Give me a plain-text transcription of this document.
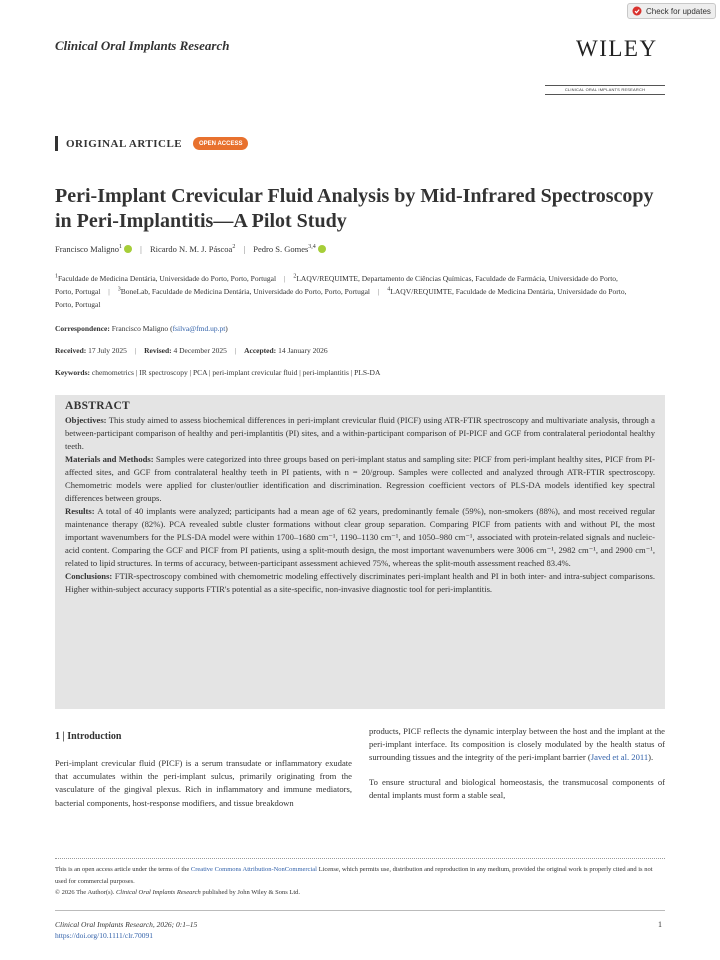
Check for updates
Clinical Oral Implants Research	WILEY
CLINICAL ORAL IMPLANTS RESEARCH
ORIGINAL ARTICLE	OPEN ACCESS
Peri-Implant Crevicular Fluid Analysis by Mid-Infrared Spectroscopy in Peri-Implantitis—A Pilot Study
Francisco Maligno$^1$ | Ricardo N. M. J. Páscoa$^2$ | Pedro S. Gomes$^{3,4}$
$^1$Faculdade de Medicina Dentária, Universidade do Porto, Porto, Portugal | $^2$LAQV/REQUIMTE, Departamento de Ciências Químicas, Faculdade de Farmácia, Universidade do Porto, Porto, Portugal | $^3$BoneLab, Faculdade de Medicina Dentária, Universidade do Porto, Porto, Portugal | $^4$LAQV/REQUIMTE, Faculdade de Medicina Dentária, Universidade do Porto, Porto, Portugal
Correspondence: Francisco Maligno (fsilva@fmd.up.pt)
Received: 17 July 2025 | Revised: 4 December 2025 | Accepted: 14 January 2026
Keywords: chemometrics | IR spectroscopy | PCA | peri-implant crevicular fluid | peri-implantitis | PLS-DA
ABSTRACT

Objectives: This study aimed to assess biochemical differences in peri-implant crevicular fluid (PICF) using ATR-FTIR spectroscopy and multivariate analysis, through a between-participant comparison of healthy and peri-implantitis (PI) sites, and a within-participant comparison of PI-PICF and GCF from contralateral periodontal healthy teeth.

Materials and Methods: Samples were categorized into three groups based on peri-implant status and sampling site: PICF from peri-implant healthy sites, PICF from PI-affected sites, and GCF from contralateral healthy teeth in PI patients, with n = 20/group. Samples were collected and analyzed through ATR-FTIR spectroscopy. Chemometric models were applied for cluster/outlier identification and discrimination. Regression coefficient vectors of PLS-DA models identified key spectral differences between groups.

Results: A total of 40 implants were analyzed; participants had a mean age of 62 years, predominantly female (59%), non-smokers (88%), and most received regular maintenance therapy (82%). PCA revealed subtle cluster formations without clear group separation. Comparing PICF from patients with and without PI, the most important wavenumbers for the PLS-DA model were within 1700–1680 cm⁻¹, 1190–1130 cm⁻¹, and 1050–980 cm⁻¹, associated with protein-related signals and nucleic-acid content. Comparing the GCF and PICF from PI patients, using a split-mouth design, the most important wavenumbers were 3006 cm⁻¹, 2982 cm⁻¹, and 2900 cm⁻¹, related to lipid structures. In terms of accuracy, between-participant assessment achieved 75%, whereas the split-mouth assessment reached 83.4%.

Conclusions: FTIR-spectroscopy combined with chemometric modeling effectively discriminates peri-implant health and PI in both inter- and intra-subject comparisons. Higher within-subject accuracy supports FTIR's potential as a site-specific, non-invasive diagnostic tool for peri-implantitis.

1 | Introduction

Peri-implant crevicular fluid (PICF) is a serum transudate or inflammatory exudate that accumulates within the peri-implant sulcus, primarily originating from the vasculature of the gingival plexus. Rich in inflammatory and immune mediators, bacterial components, host-response modifiers, and tissue breakdown

products, PICF reflects the dynamic interplay between the host and the implant at the peri-implant interface. Its composition is closely modulated by the health status of surrounding tissues and the integrity of the peri-implant barrier (Javed et al. 2011).

To ensure structural and biological homeostasis, the transmucosal components of dental implants must form a stable seal,

This is an open access article under the terms of the Creative Commons Attribution-NonCommercial License, which permits use, distribution and reproduction in any medium, provided the original work is properly cited and is not used for commercial purposes.
© 2026 The Author(s). Clinical Oral Implants Research published by John Wiley & Sons Ltd.
Clinical Oral Implants Research, 2026; 0:1–15
https://doi.org/10.1111/clr.70091
1
